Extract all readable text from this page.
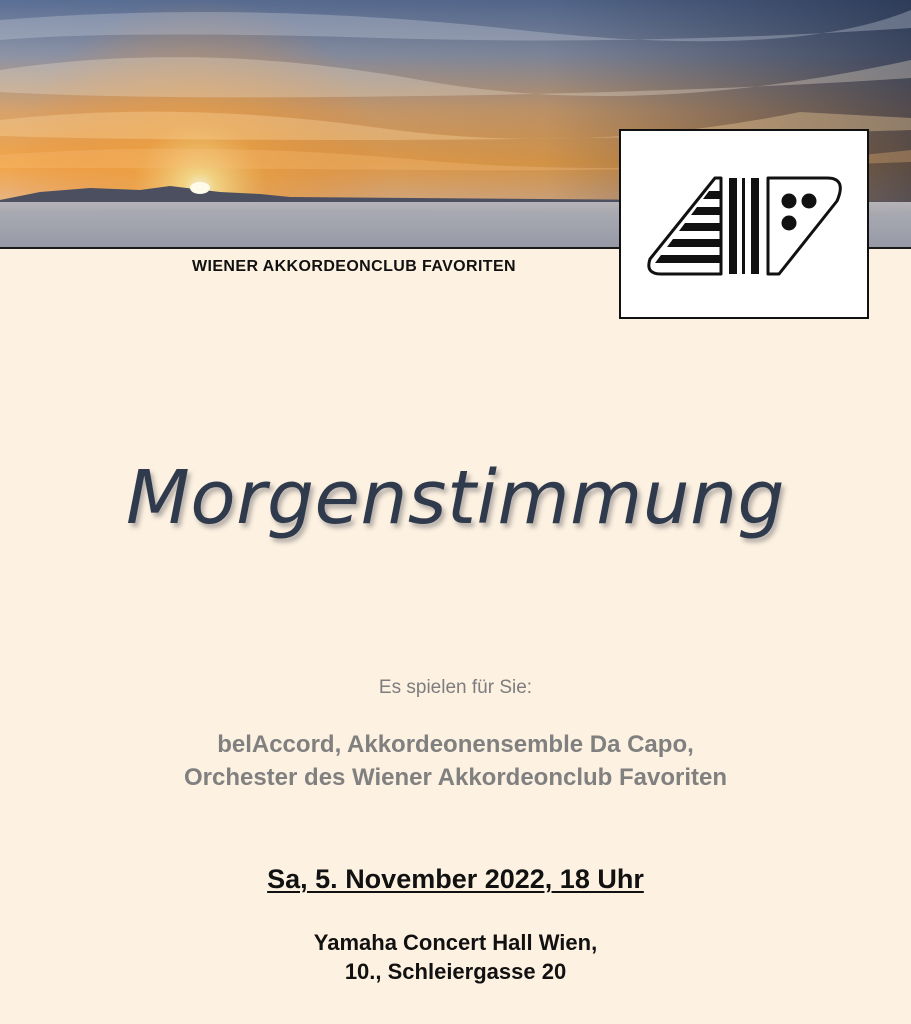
WIENER AKKORDEONCLUB FAVORITEN
Morgenstimmung
Es spielen für Sie:
belAccord, Akkordeonensemble Da Capo,
Orchester des Wiener Akkordeonclub Favoriten
Sa, 5. November 2022, 18 Uhr
Yamaha Concert Hall Wien,
10., Schleiergasse 20
